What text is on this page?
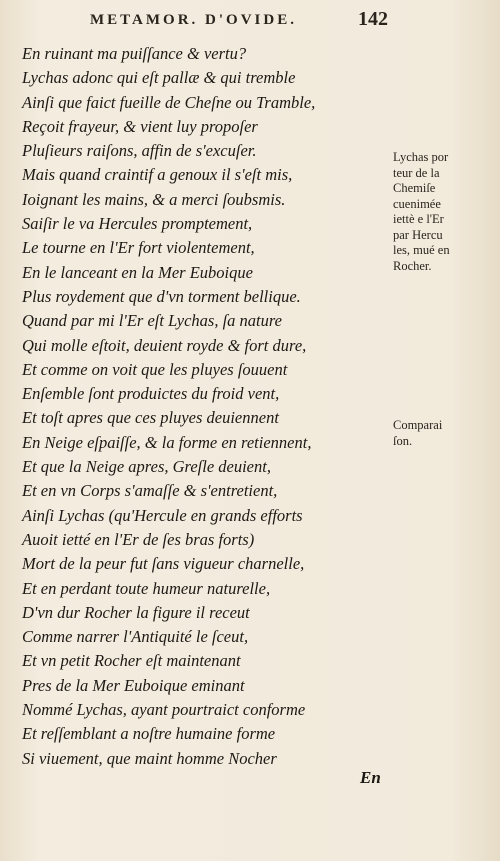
METAMOR. D'OVIDE.	142
En ruinant ma puiſſance & vertu?
Lychas adonc qui eſt pallæ & qui tremble
Ainſi que faict fueille de Cheſne ou Tramble,
Reçoit frayeur, & vient luy propoſer
Pluſieurs raiſons, affin de s'excuſer.
Mais quand craintif a genoux il s'eſt mis,
Ioignant les mains, & a merci ſoubsmis.
Saiſir le va Hercules promptement,
Le tourne en l'Er fort violentement,
En le lanceant en la Mer Euboique
Plus roydement que d'vn torment bellique.
Quand par mi l'Er eſt Lychas, ſa nature
Qui molle eſtoit, deuient royde & fort dure,
Et comme on voit que les pluyes ſouuent
Enſemble ſont produictes du froid vent,
Et toſt apres que ces pluyes deuiennent
En Neige eſpaiſſe, & la forme en retiennent,
Et que la Neige apres, Greſle deuient,
Et en vn Corps s'amaſſe & s'entretient,
Ainſi Lychas (qu'Hercule en grands efforts
Auoit ietté en l'Er de ſes bras forts)
Mort de la peur fut ſans vigueur charnelle,
Et en perdant toute humeur naturelle,
D'vn dur Rocher la figure il receut
Comme narrer l'Antiquité le ſceut,
Et vn petit Rocher eſt maintenant
Pres de la Mer Euboique eminant
Nommé Lychas, ayant pourtraict conforme
Et reſſemblant a noſtre humaine forme
Si viuement, que maint homme Nocher
Lychas por
teur de la
Chemiſe
cuenimée
iettè e l'Er
par Hercu
les, mué en
Rocher.
Comparai
ſon.
En
